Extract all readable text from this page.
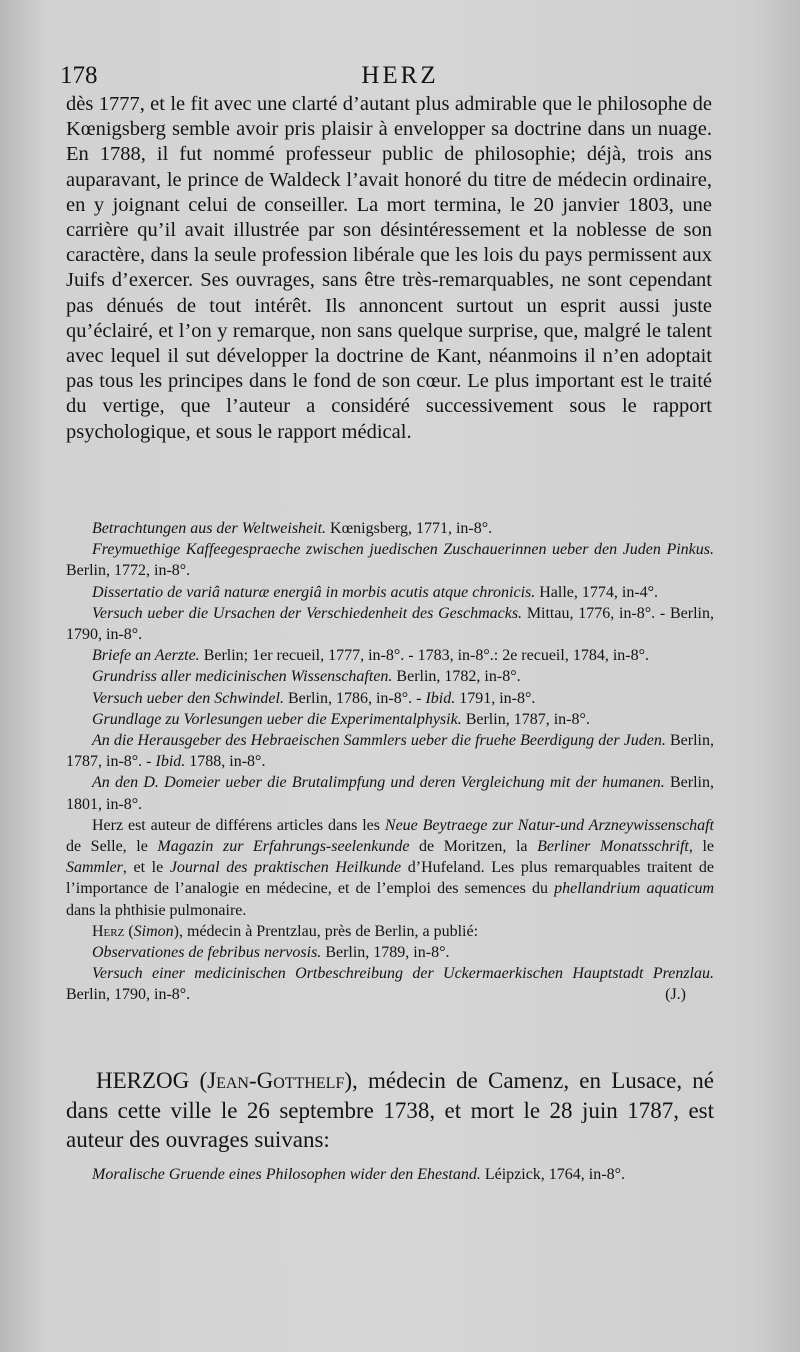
178	HERZ

dès 1777, et le fit avec une clarté d’autant plus admirable que le philosophe de Kœnigsberg semble avoir pris plaisir à envelopper sa doctrine dans un nuage. En 1788, il fut nommé professeur public de philosophie; déjà, trois ans auparavant, le prince de Waldeck l’avait honoré du titre de médecin ordinaire, en y joignant celui de conseiller. La mort termina, le 20 janvier 1803, une carrière qu’il avait illustrée par son désintéressement et la noblesse de son caractère, dans la seule profession libérale que les lois du pays permissent aux Juifs d’exercer. Ses ouvrages, sans être très-remarquables, ne sont cependant pas dénués de tout intérêt. Ils annoncent surtout un esprit aussi juste qu’éclairé, et l’on y remarque, non sans quelque surprise, que, malgré le talent avec lequel il sut développer la doctrine de Kant, néanmoins il n’en adoptait pas tous les principes dans le fond de son cœur. Le plus important est le traité du vertige, que l’auteur a considéré successivement sous le rapport psychologique, et sous le rapport médical.

Betrachtungen aus der Weltweisheit. Kœnigsberg, 1771, in-8°.

Freymuethige Kaffeegespraeche zwischen juedischen Zuschauerinnen ueber den Juden Pinkus. Berlin, 1772, in-8°.

Dissertatio de variâ naturæ energiâ in morbis acutis atque chronicis. Halle, 1774, in-4°.

Versuch ueber die Ursachen der Verschiedenheit des Geschmacks. Mittau, 1776, in-8°. - Berlin, 1790, in-8°.

Briefe an Aerzte. Berlin; 1er recueil, 1777, in-8°. - 1783, in-8°.: 2e recueil, 1784, in-8°.

Grundriss aller medicinischen Wissenschaften. Berlin, 1782, in-8°.

Versuch ueber den Schwindel. Berlin, 1786, in-8°. - Ibid. 1791, in-8°.

Grundlage zu Vorlesungen ueber die Experimentalphysik. Berlin, 1787, in-8°.

An die Herausgeber des Hebraeischen Sammlers ueber die fruehe Beerdigung der Juden. Berlin, 1787, in-8°. - Ibid. 1788, in-8°.

An den D. Domeier ueber die Brutalimpfung und deren Vergleichung mit der humanen. Berlin, 1801, in-8°.

Herz est auteur de différens articles dans les Neue Beytraege zur Natur-und Arzneywissenschaft de Selle, le Magazin zur Erfahrungs-seelenkunde de Moritzen, la Berliner Monatsschrift, le Sammler, et le Journal des praktischen Heilkunde d’Hufeland. Les plus remarquables traitent de l’importance de l’analogie en médecine, et de l’emploi des semences du phellandrium aquaticum dans la phthisie pulmonaire.

Herz (Simon), médecin à Prentzlau, près de Berlin, a publié:

Observationes de febribus nervosis. Berlin, 1789, in-8°.

Versuch einer medicinischen Ortbeschreibung der Uckermaerkischen Hauptstadt Prenzlau. Berlin, 1790, in-8°.	(J.)

HERZOG (Jean-Gotthelf), médecin de Camenz, en Lusace, né dans cette ville le 26 septembre 1738, et mort le 28 juin 1787, est auteur des ouvrages suivans:

Moralische Gruende eines Philosophen wider den Ehestand. Léipzick, 1764, in-8°.
